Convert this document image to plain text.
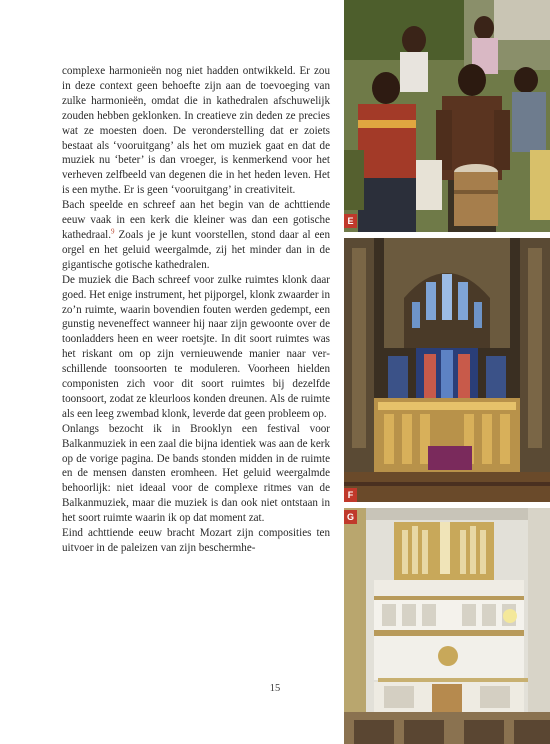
complexe harmonieën nog niet hadden ontwikkeld. Er zou in deze context geen behoefte zijn aan de toevoeging van zulke harmonieën, omdat die in kathedralen afschuwelijk zouden hebben geklonken. In creatieve zin deden ze precies wat ze moesten doen. De veronderstelling dat er zoiets bestaat als ‘vooruitgang’ als het om muziek gaat en dat de muziek nu ‘beter’ is dan vroeger, is kenmerkend voor het verheven zelfbeeld van degenen die in het heden leven. Het is een mythe. Er is geen ‘vooruitgang’ in creativiteit.

Bach speelde en schreef aan het begin van de achttiende eeuw vaak in een kerk die kleiner was dan een gotische kathedraal.$^9$ Zoals je je kunt voorstellen, stond daar al een orgel en het geluid weergalmde, zij het minder dan in de gigantische gotische kathedralen.

De muziek die Bach schreef voor zulke ruimtes klonk daar goed. Het enige instrument, het pijporgel, klonk zwaarder in zo’n ruimte, waarin bovendien fouten werden gedempt, een gunstig neveneffect wanneer hij naar zijn gewoonte over de toonladders heen en weer roetsjte. In dit soort ruimtes was het riskant om op zijn vernieuwende manier naar verschillende toonsoorten te moduleren. Voorheen hielden componisten zich voor dit soort ruimtes bij dezelfde toonsoort, zodat ze kleurloos konden dreunen. Als de ruimte als een leeg zwembad klonk, leverde dat geen probleem op.

Onlangs bezocht ik in Brooklyn een festival voor Balkanmuziek in een zaal die bijna identiek was aan de kerk op de vorige pagina. De bands stonden midden in de ruimte en de mensen dansten eromheen. Het geluid weergalmde behoorlijk: niet ideaal voor de complexe ritmes van de Balkanmuziek, maar die muziek is dan ook niet ontstaan in het soort ruimte waarin ik op dat moment zat.

Eind achttiende eeuw bracht Mozart zijn composities ten uitvoer in de paleizen van zijn beschermhe-

15
E
F
G
